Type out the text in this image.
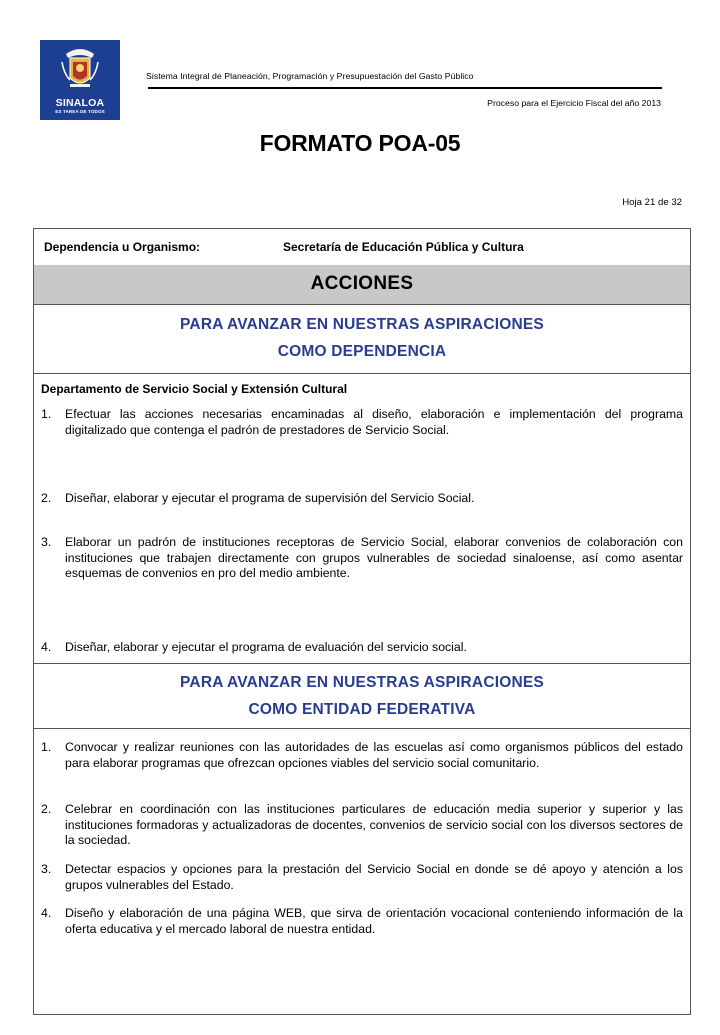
SINALOA
ES TAREA DE TODOS
Sistema Integral de Planeación, Programación y Presupuestación del Gasto Público
Proceso para el Ejercicio Fiscal del año 2013
FORMATO POA-05
Hoja 21 de 32
Dependencia u Organismo:	Secretaría de Educación Pública y Cultura
ACCIONES
PARA AVANZAR EN NUESTRAS ASPIRACIONES
COMO DEPENDENCIA
Departamento de Servicio Social y Extensión Cultural
1. Efectuar las acciones necesarias encaminadas al diseño, elaboración e implementación del programa digitalizado que contenga el padrón de prestadores de Servicio Social.
2. Diseñar, elaborar y ejecutar el programa de supervisión del Servicio Social.
3. Elaborar un padrón de instituciones receptoras de Servicio Social, elaborar convenios de colaboración con instituciones que trabajen directamente con grupos vulnerables de sociedad sinaloense, así como asentar esquemas de convenios en pro del medio ambiente.
4. Diseñar, elaborar y ejecutar el programa de evaluación del servicio social.
PARA AVANZAR EN NUESTRAS ASPIRACIONES
COMO ENTIDAD FEDERATIVA
1. Convocar y realizar reuniones con las autoridades de las escuelas así como organismos públicos del estado para elaborar programas que ofrezcan opciones viables del servicio social comunitario.
2. Celebrar en coordinación con las instituciones particulares de educación media superior y superior y las instituciones formadoras y actualizadoras de docentes, convenios de servicio social con los diversos sectores de la sociedad.
3. Detectar espacios y opciones para la prestación del Servicio Social en donde se dé apoyo y atención a los grupos vulnerables del Estado.
4. Diseño y elaboración de una página WEB, que sirva de orientación vocacional conteniendo información de la oferta educativa y el mercado laboral de nuestra entidad.
